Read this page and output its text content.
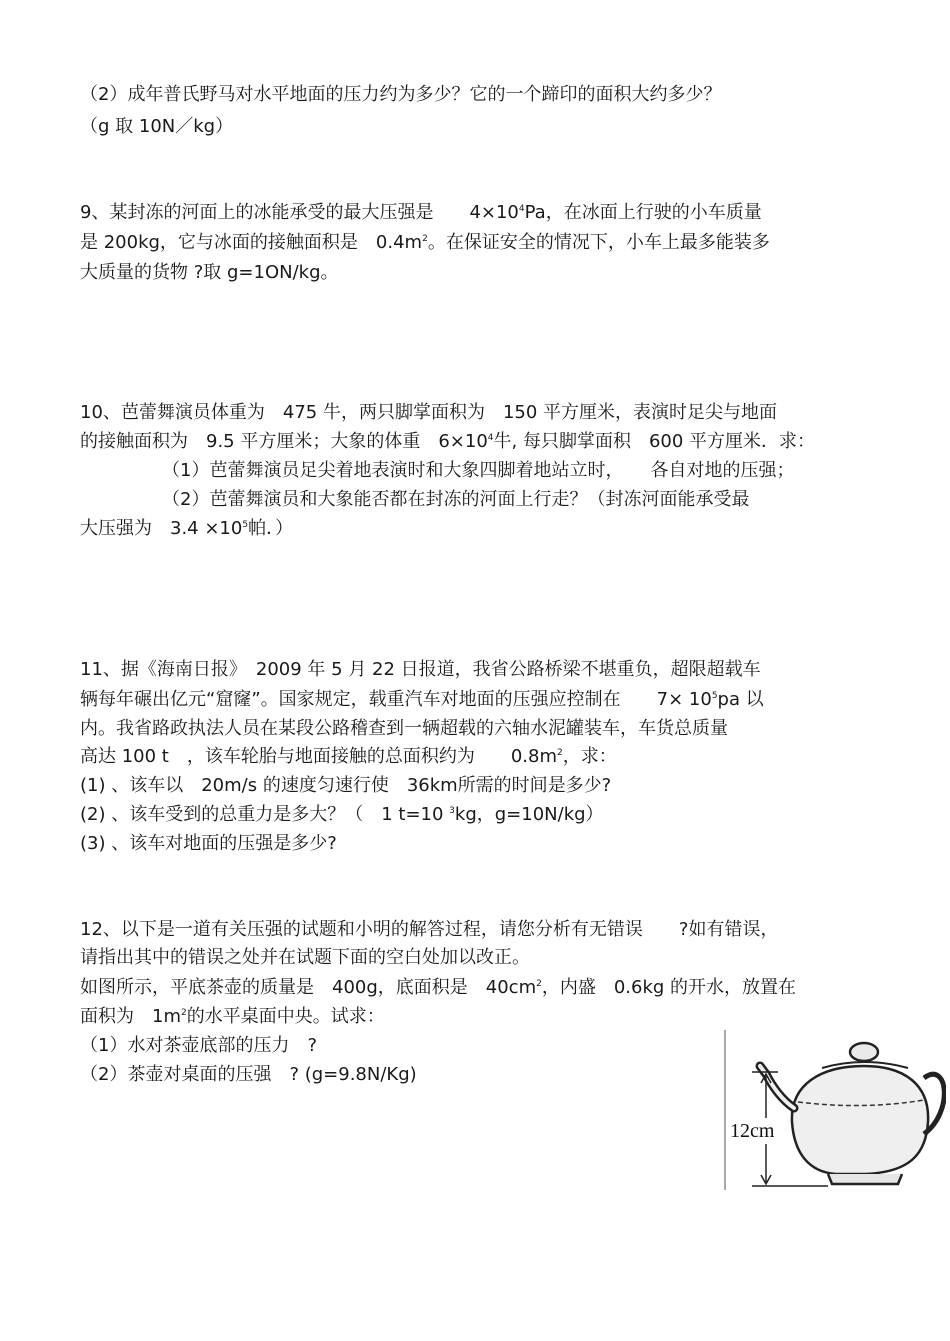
（2）成年普氏野马对水平地面的压力约为多少？它的一个蹄印的面积大约多少？
（g 取 10N／kg）
9、某封冻的河面上的冰能承受的最大压强是　　$4\times 10^4Pa$，在冰面上行驶的小车质量
是 200kg，它与冰面的接触面积是　$0.4m^2$。在保证安全的情况下，小车上最多能装多
大质量的货物 ?取 g=1ON/kg。
10、芭蕾舞演员体重为　475 牛，两只脚掌面积为　150 平方厘米，表演时足尖与地面
的接触面积为　9.5 平方厘米；大象的体重　$6\times 10^4$牛, 每只脚掌面积　600 平方厘米．求：
（1）芭蕾舞演员足尖着地表演时和大象四脚着地站立时，　　各自对地的压强；
（2）芭蕾舞演员和大象能否都在封冻的河面上行走？（封冻河面能承受最
大压强为　$3.4 \times 10^5$帕．）
11、据《海南日报》　2009 年 5 月 22 日报道，我省公路桥梁不堪重负，超限超载车
辆每年碾出亿元“窟窿”。国家规定，载重汽车对地面的压强应控制在　　$7\times 10^5pa$ 以
内。我省路政执法人员在某段公路稽查到一辆超载的六轴水泥罐装车，车货总质量
高达 100 t　，该车轮胎与地面接触的总面积约为　　$0.8m^2$，求：
(1) 、该车以　20m/s 的速度匀速行使　36km所需的时间是多少?
(2) 、该车受到的总重力是多大？（　1 t=10 $^3$kg，g=10N/kg）
(3) 、该车对地面的压强是多少?
12、以下是一道有关压强的试题和小明的解答过程，请您分析有无错误　　?如有错误，
请指出其中的错误之处并在试题下面的空白处加以改正。
如图所示，平底茶壶的质量是　400g，底面积是　$40cm^2$，内盛　0.6kg 的开水，放置在
面积为　$1m^2$的水平桌面中央。试求：
（1）水对茶壶底部的压力　?
（2）茶壶对桌面的压强　? (g=9.8N/Kg)
12cm
